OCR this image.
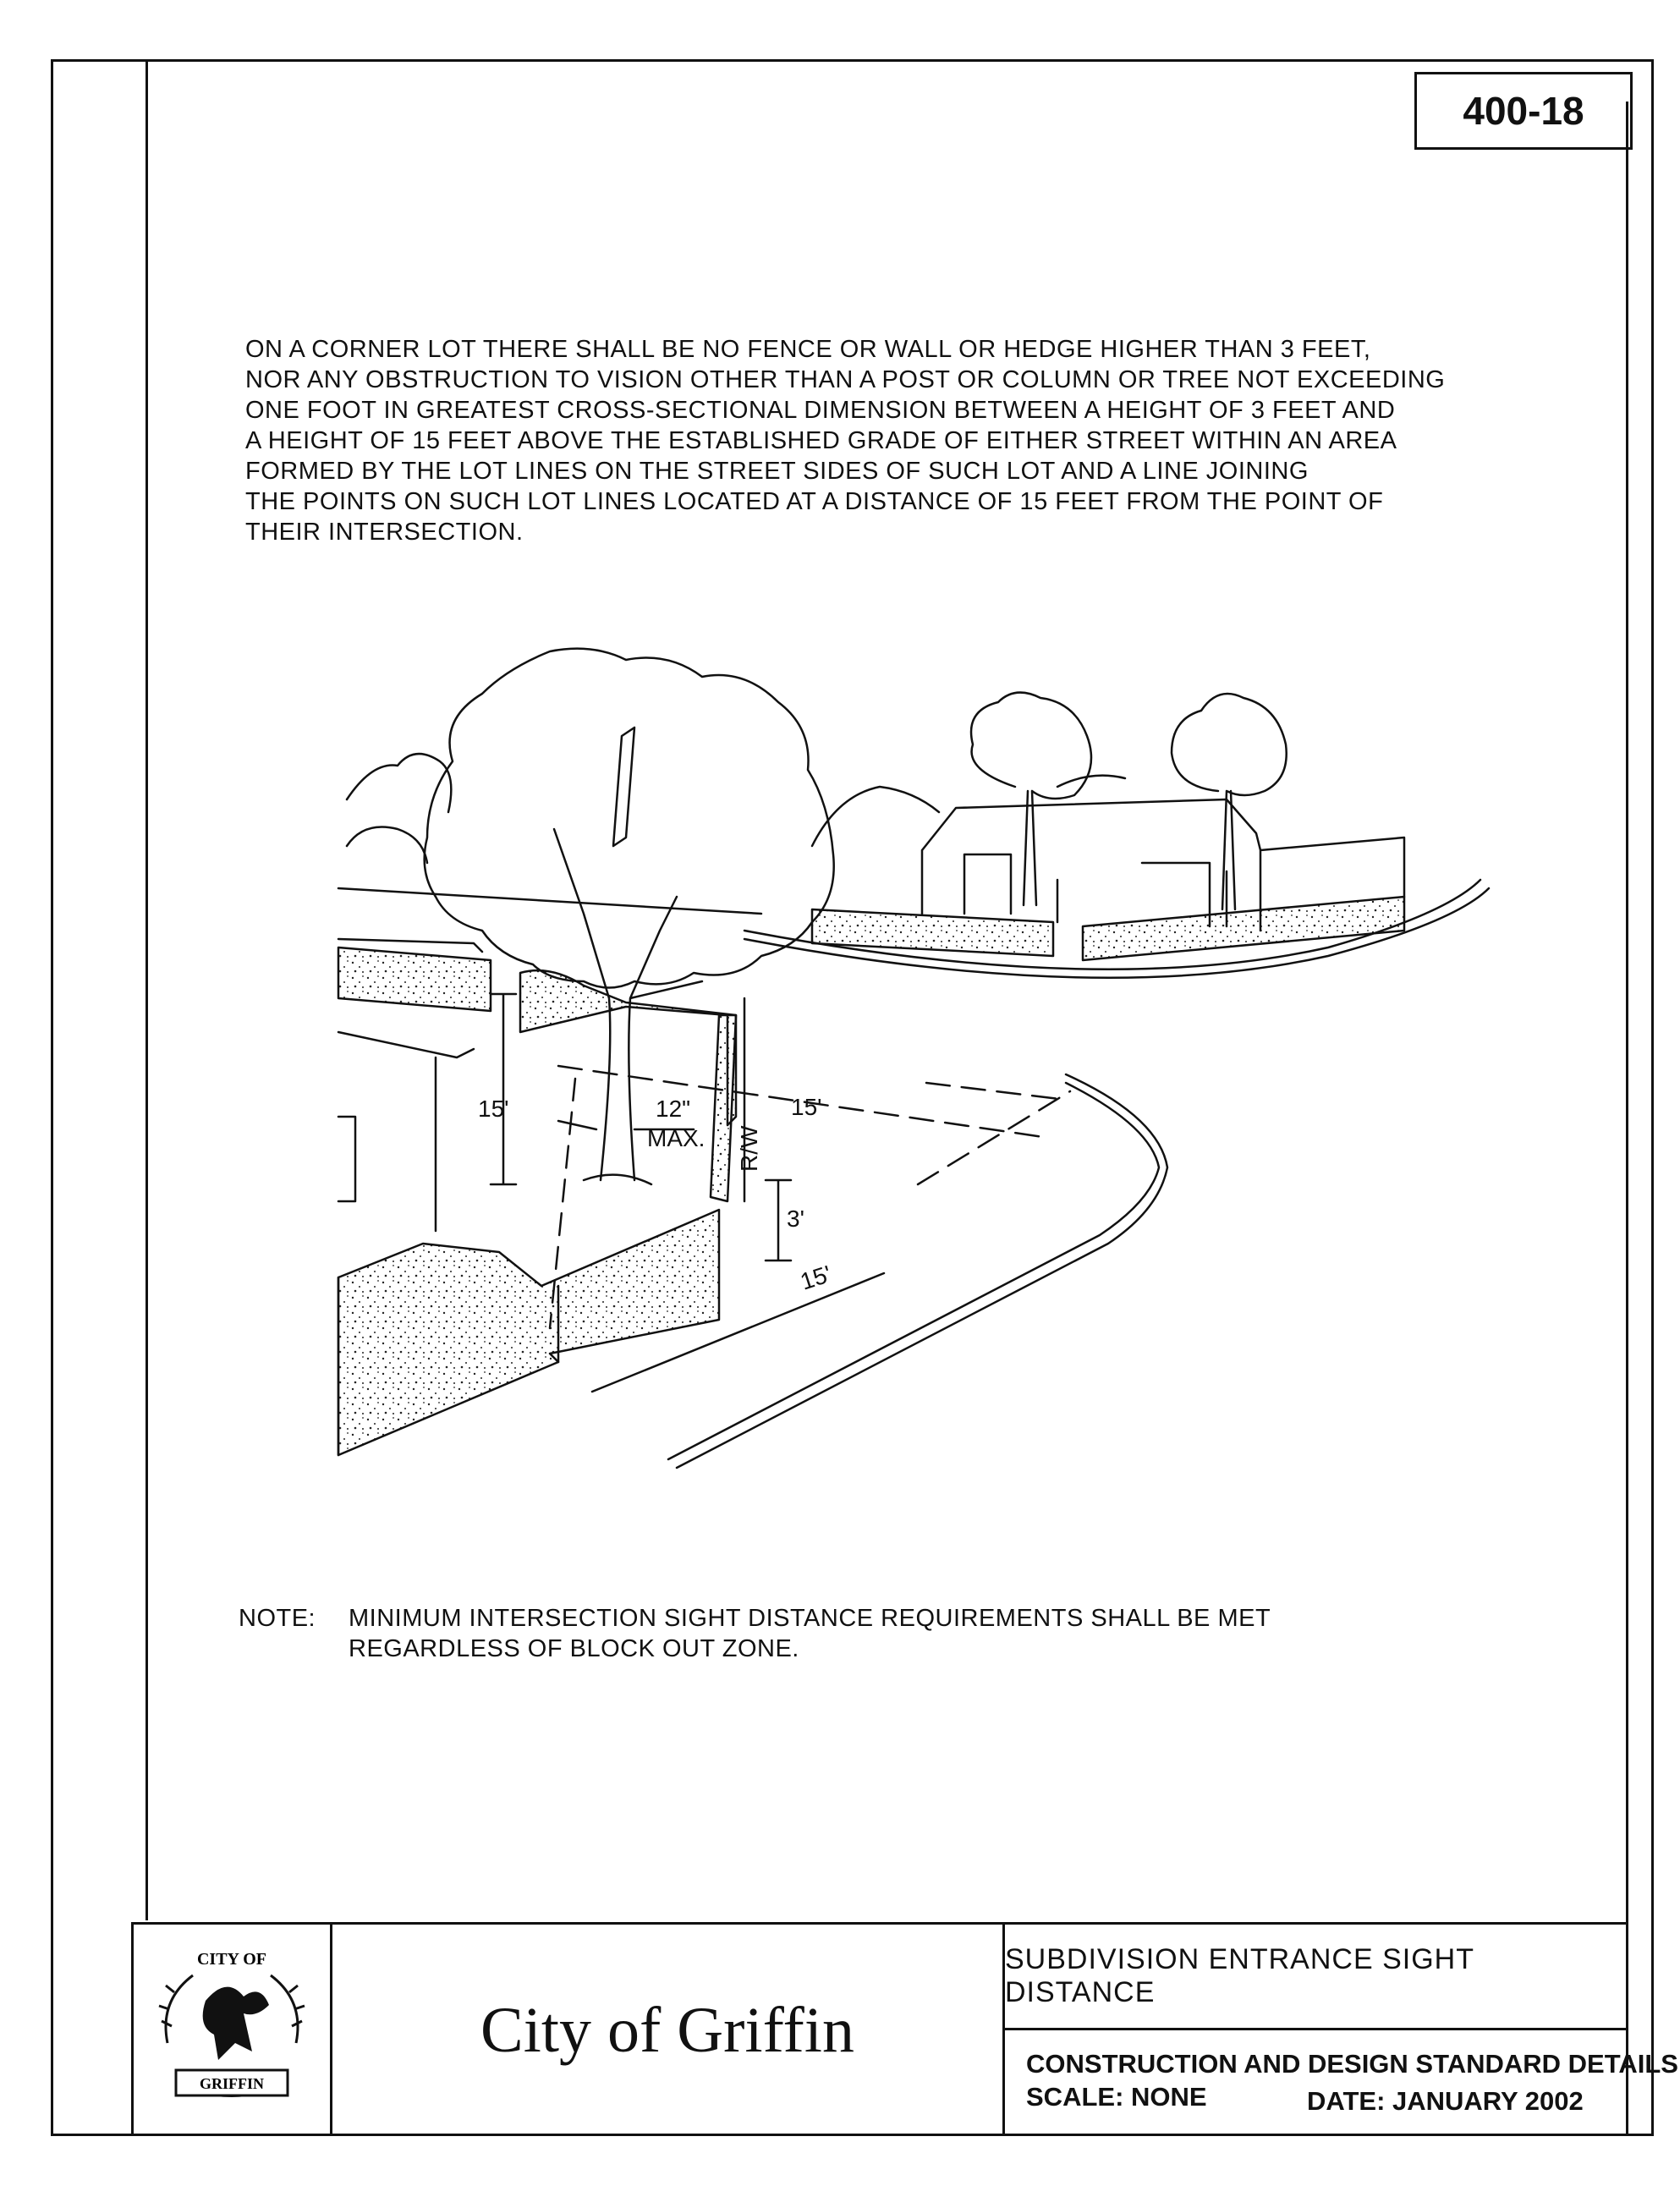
400-18
ON A CORNER LOT THERE SHALL BE NO FENCE OR WALL OR HEDGE HIGHER THAN 3 FEET,
NOR ANY OBSTRUCTION TO VISION OTHER THAN A POST OR COLUMN OR TREE NOT EXCEEDING
ONE FOOT IN GREATEST CROSS-SECTIONAL DIMENSION BETWEEN A HEIGHT OF 3 FEET AND
A HEIGHT OF 15 FEET ABOVE THE ESTABLISHED GRADE OF EITHER STREET WITHIN AN AREA
FORMED BY THE LOT LINES ON THE STREET SIDES OF SUCH LOT AND A LINE JOINING
THE POINTS ON SUCH LOT LINES LOCATED AT A DISTANCE OF 15 FEET FROM THE POINT OF
THEIR INTERSECTION.
15'	12"
MAX.
15'
R/W
3'
15'
NOTE: MINIMUM INTERSECTION SIGHT DISTANCE REQUIREMENTS SHALL BE MET
REGARDLESS OF BLOCK OUT ZONE.
CITY OF
GRIFFIN
City of Griffin
SUBDIVISION ENTRANCE SIGHT DISTANCE
CONSTRUCTION AND DESIGN STANDARD DETAILS
SCALE: NONE	DATE: JANUARY 2002
